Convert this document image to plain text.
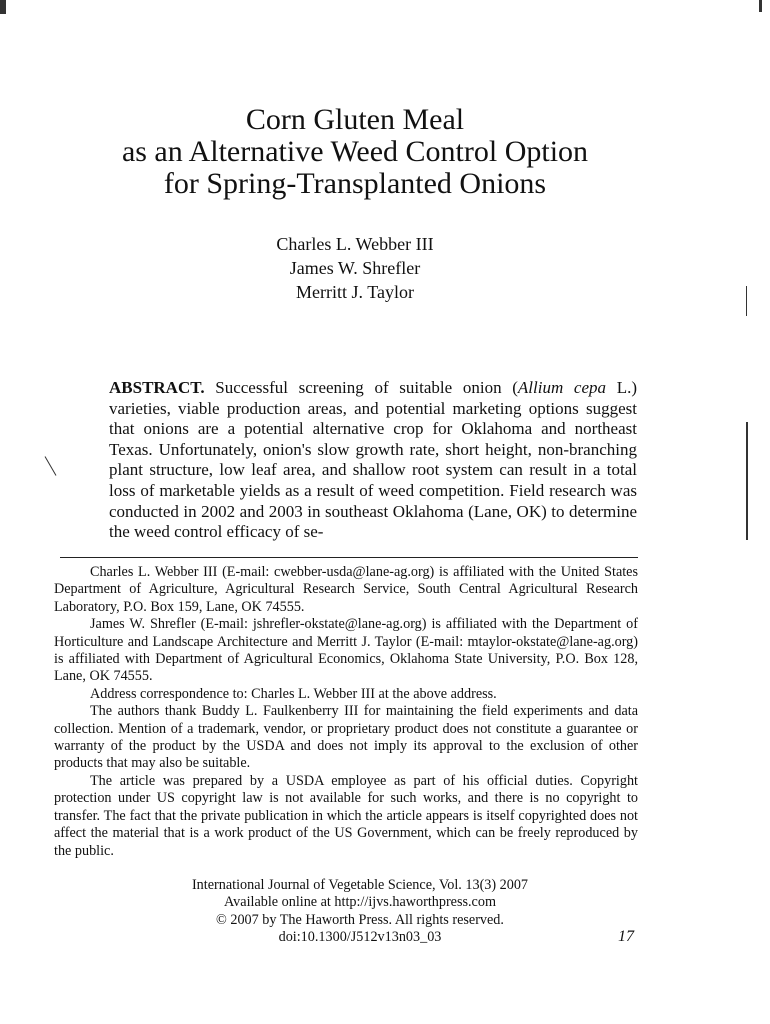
Corn Gluten Meal
as an Alternative Weed Control Option
for Spring-Transplanted Onions
Charles L. Webber III
James W. Shrefler
Merritt J. Taylor
ABSTRACT. Successful screening of suitable onion (Allium cepa L.) varieties, viable production areas, and potential marketing options suggest that onions are a potential alternative crop for Oklahoma and northeast Texas. Unfortunately, onion's slow growth rate, short height, non-branching plant structure, low leaf area, and shallow root system can result in a total loss of marketable yields as a result of weed competition. Field research was conducted in 2002 and 2003 in southeast Oklahoma (Lane, OK) to determine the weed control efficacy of se-

Charles L. Webber III (E-mail: cwebber-usda@lane-ag.org) is affiliated with the United States Department of Agriculture, Agricultural Research Service, South Central Agricultural Research Laboratory, P.O. Box 159, Lane, OK 74555.

James W. Shrefler (E-mail: jshrefler-okstate@lane-ag.org) is affiliated with the Department of Horticulture and Landscape Architecture and Merritt J. Taylor (E-mail: mtaylor-okstate@lane-ag.org) is affiliated with Department of Agricultural Economics, Oklahoma State University, P.O. Box 128, Lane, OK 74555.

Address correspondence to: Charles L. Webber III at the above address.

The authors thank Buddy L. Faulkenberry III for maintaining the field experiments and data collection. Mention of a trademark, vendor, or proprietary product does not constitute a guarantee or warranty of the product by the USDA and does not imply its approval to the exclusion of other products that may also be suitable.

The article was prepared by a USDA employee as part of his official duties. Copyright protection under US copyright law is not available for such works, and there is no copyright to transfer. The fact that the private publication in which the article appears is itself copyrighted does not affect the material that is a work product of the US Government, which can be freely reproduced by the public.

International Journal of Vegetable Science, Vol. 13(3) 2007
Available online at http://ijvs.haworthpress.com
© 2007 by The Haworth Press. All rights reserved.
doi:10.1300/J512v13n03_03	17
